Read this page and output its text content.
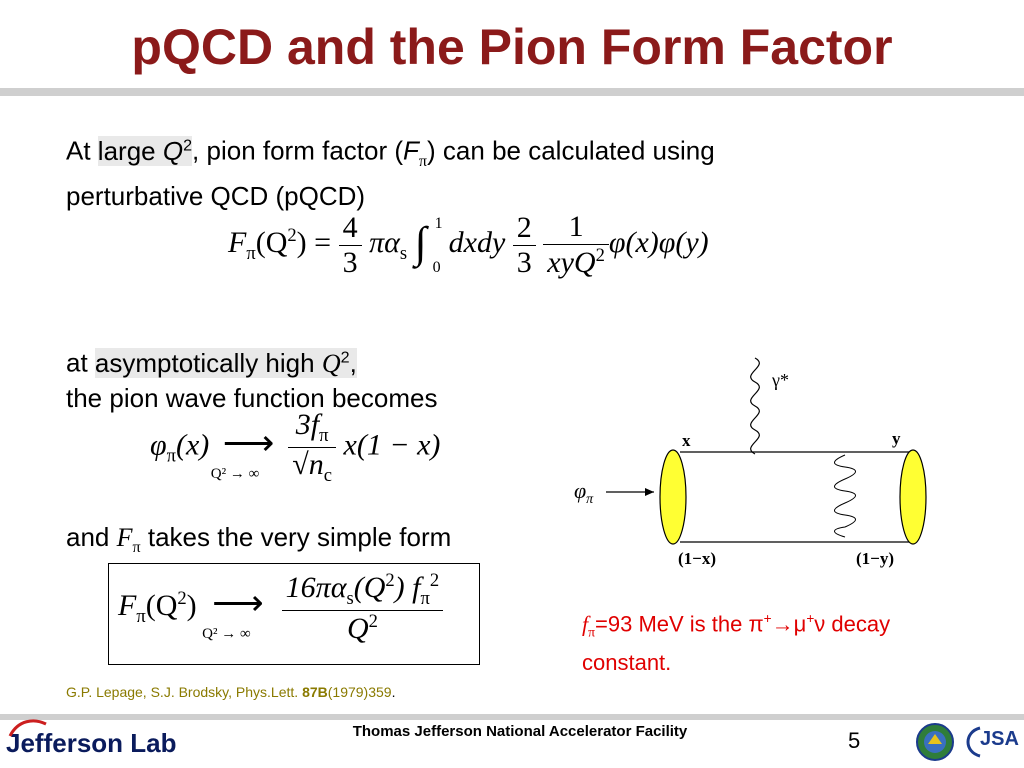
pQCD and the Pion Form Factor
At large $Q^2$, pion form factor $(F_\pi)$ can be calculated using
perturbative QCD (pQCD)
$F_\pi(Q^2) = \frac{4}{3} \pi\alpha_s$ ∫ 1
0
dxdy $\frac{2}{3}$
$\frac{1}{xyQ^2} \varphi(x)\varphi(y)$
at asymptotically high $Q^2$,
the pion wave function becomes
$\varphi_\pi(x)$ ⟶
Q² → ∞
$\frac{3f_\pi}{√n_c} x(1 - x)$
and $F_\pi$ takes the very simple form
$F_\pi(Q^2)$ ⟶
Q² → ∞
$\frac{16\pi\alpha_s(Q^2) f_\pi^2}{Q^2}$
γ*
x	y
$\varphi_\pi$
(1−x)	(1−y)
$f_\pi=93$ MeV is the π+→μ+ν decay
constant.
G.P. Lepage, S.J. Brodsky, Phys.Lett. 87B(1979)359.
Jefferson Lab	Thomas Jefferson National Accelerator Facility	5	JSA
